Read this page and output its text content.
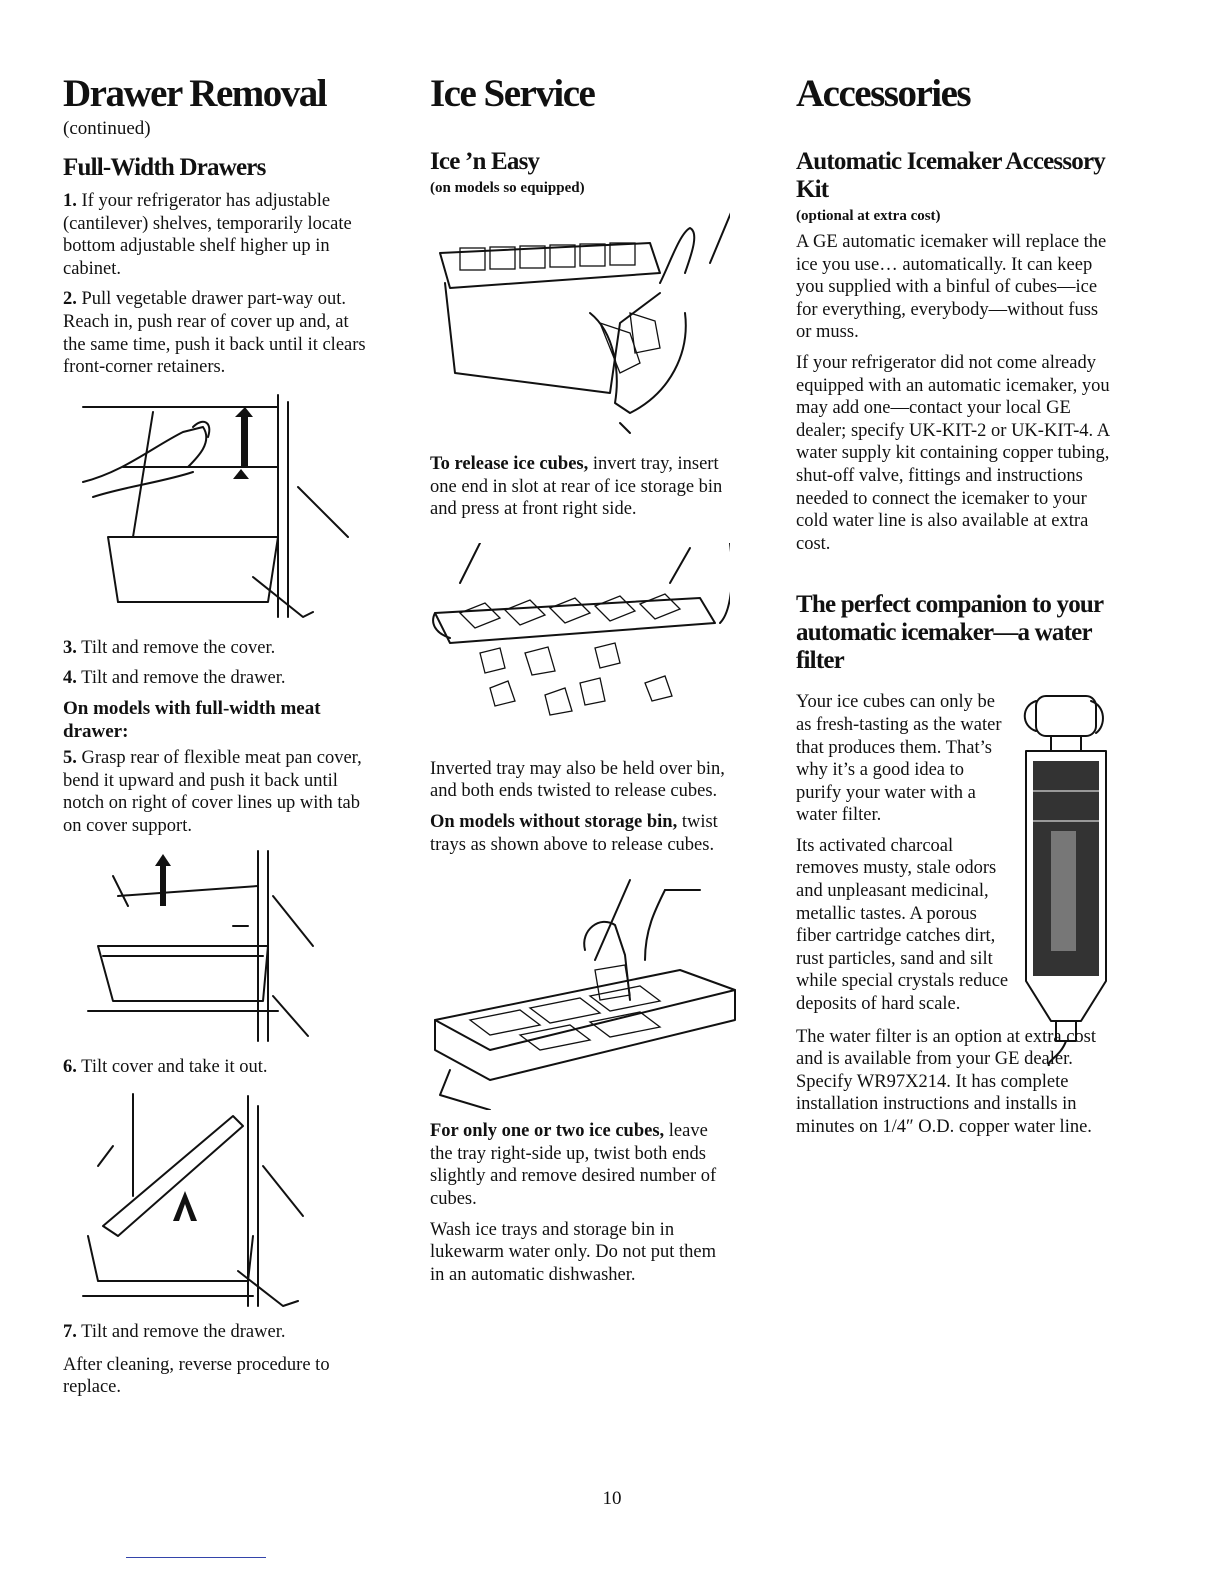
Drawer Removal
(continued)
Full-Width Drawers

1. If your refrigerator has adjustable (cantilever) shelves, temporarily locate bottom adjustable shelf higher up in cabinet.

2. Pull vegetable drawer part-way out. Reach in, push rear of cover up and, at the same time, push it back until it clears front-corner retainers.

3. Tilt and remove the cover.

4. Tilt and remove the drawer.

On models with full-width meat drawer:

5. Grasp rear of flexible meat pan cover, bend it upward and push it back until notch on right of cover lines up with tab on cover support.

6. Tilt cover and take it out.

7. Tilt and remove the drawer.

After cleaning, reverse procedure to replace.

Ice Service
Ice ’n Easy
(on models so equipped)

To release ice cubes, invert tray, insert one end in slot at rear of ice storage bin and press at front right side.

Inverted tray may also be held over bin, and both ends twisted to release cubes.

On models without storage bin, twist trays as shown above to release cubes.

For only one or two ice cubes, leave the tray right-side up, twist both ends slightly and remove desired number of cubes.

Wash ice trays and storage bin in lukewarm water only. Do not put them in an automatic dishwasher.

Accessories
Automatic Icemaker Accessory Kit
(optional at extra cost)

A GE automatic icemaker will replace the ice you use… automatically. It can keep you supplied with a binful of cubes—ice for everything, everybody—without fuss or muss.

If your refrigerator did not come already equipped with an automatic icemaker, you may add one—contact your local GE dealer; specify UK-KIT-2 or UK-KIT-4. A water supply kit containing copper tubing, shut-off valve, fittings and instructions needed to connect the icemaker to your cold water line is also available at extra cost.

The perfect companion to your automatic icemaker—a water filter

Your ice cubes can only be as fresh-tasting as the water that produces them. That’s why it’s a good idea to purify your water with a water filter.

Its activated charcoal removes musty, stale odors and unpleasant medicinal, metallic tastes. A porous fiber cartridge catches dirt, rust particles, sand and silt while special crystals reduce deposits of hard scale.

The water filter is an option at extra cost and is available from your GE dealer. Specify WR97X214. It has complete installation instructions and installs in minutes on 1/4″ O.D. copper water line.

10
